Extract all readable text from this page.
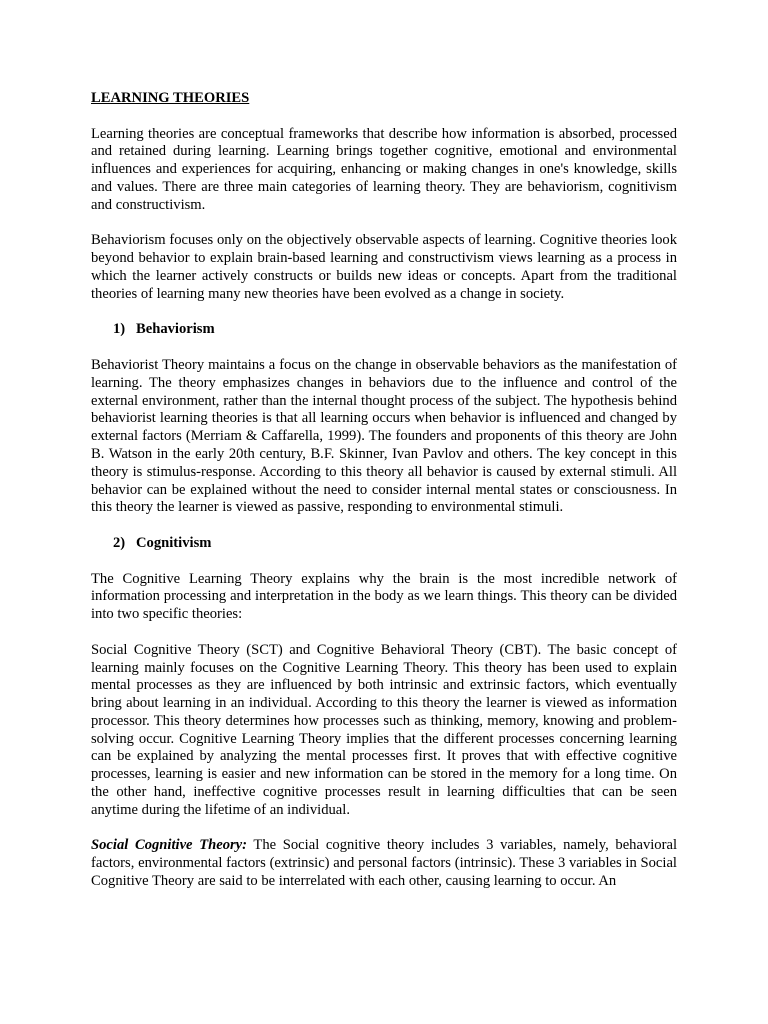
LEARNING THEORIES

Learning theories are conceptual frameworks that describe how information is absorbed, processed and retained during learning. Learning brings together cognitive, emotional and environmental influences and experiences for acquiring, enhancing or making changes in one's knowledge, skills and values. There are three main categories of learning theory. They are behaviorism, cognitivism and constructivism.

Behaviorism focuses only on the objectively observable aspects of learning. Cognitive theories look beyond behavior to explain brain-based learning and constructivism views learning as a process in which the learner actively constructs or builds new ideas or concepts. Apart from the traditional theories of learning many new theories have been evolved as a change in society.

1) Behaviorism

Behaviorist Theory maintains a focus on the change in observable behaviors as the manifestation of learning. The theory emphasizes changes in behaviors due to the influence and control of the external environment, rather than the internal thought process of the subject. The hypothesis behind behaviorist learning theories is that all learning occurs when behavior is influenced and changed by external factors (Merriam & Caffarella, 1999). The founders and proponents of this theory are John B. Watson in the early 20th century, B.F. Skinner, Ivan Pavlov and others. The key concept in this theory is stimulus-response. According to this theory all behavior is caused by external stimuli. All behavior can be explained without the need to consider internal mental states or consciousness. In this theory the learner is viewed as passive, responding to environmental stimuli.

2) Cognitivism

The Cognitive Learning Theory explains why the brain is the most incredible network of information processing and interpretation in the body as we learn things. This theory can be divided into two specific theories:

Social Cognitive Theory (SCT) and Cognitive Behavioral Theory (CBT). The basic concept of learning mainly focuses on the Cognitive Learning Theory. This theory has been used to explain mental processes as they are influenced by both intrinsic and extrinsic factors, which eventually bring about learning in an individual. According to this theory the learner is viewed as information processor. This theory determines how processes such as thinking, memory, knowing and problem-solving occur. Cognitive Learning Theory implies that the different processes concerning learning can be explained by analyzing the mental processes first. It proves that with effective cognitive processes, learning is easier and new information can be stored in the memory for a long time. On the other hand, ineffective cognitive processes result in learning difficulties that can be seen anytime during the lifetime of an individual.

Social Cognitive Theory: The Social cognitive theory includes 3 variables, namely, behavioral factors, environmental factors (extrinsic) and personal factors (intrinsic). These 3 variables in Social Cognitive Theory are said to be interrelated with each other, causing learning to occur. An
